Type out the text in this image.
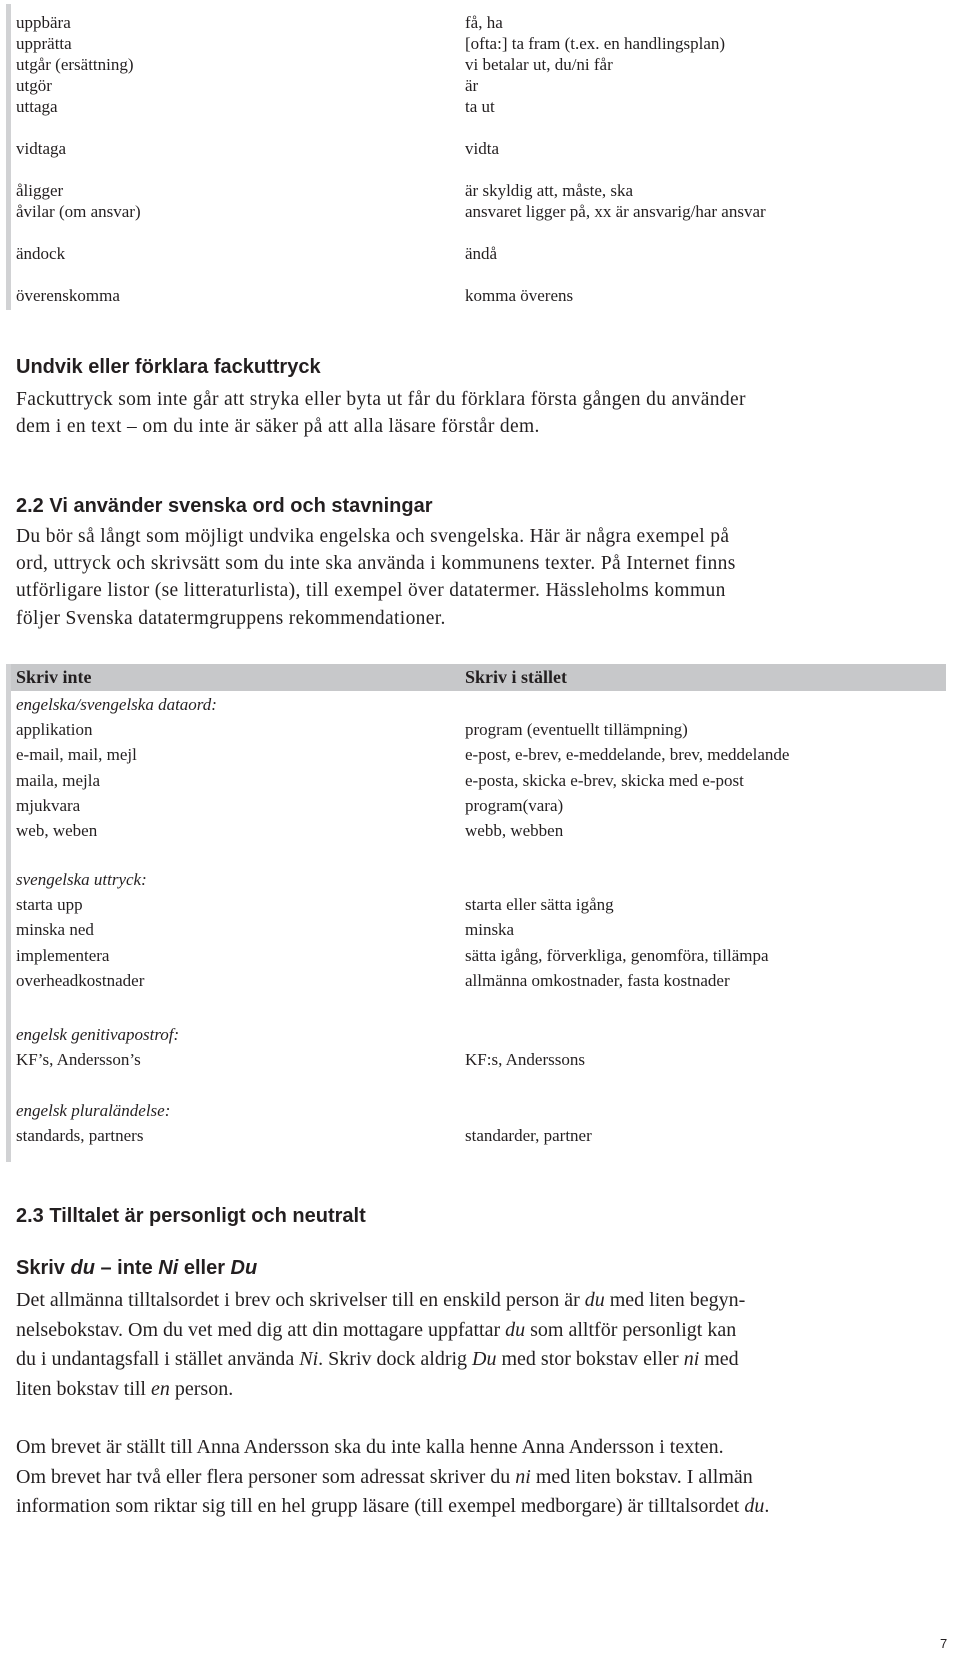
uppbära	få, ha
upprätta	[ofta:] ta fram (t.ex. en handlingsplan)
utgår (ersättning)	vi betalar ut, du/ni får
utgör	är
uttaga	ta ut
vidtaga	vidta
åligger	är skyldig att, måste, ska
åvilar (om ansvar)	ansvaret ligger på, xx är ansvarig/har ansvar
ändock	ändå
överenskomma	komma överens
Undvik eller förklara fackuttryck

Fackuttryck som inte går att stryka eller byta ut får du förklara första gången du använder

dem i en text – om du inte är säker på att alla läsare förstår dem.

2.2 Vi använder svenska ord och stavningar

Du bör så långt som möjligt undvika engelska och svengelska. Här är några exempel på

ord, uttryck och skrivsätt som du inte ska använda i kommunens texter. På Internet finns

utförligare listor (se litteraturlista), till exempel över datatermer. Hässleholms kommun

följer Svenska datatermgruppens rekommendationer.

Skriv inte	Skriv i stället
engelska/svengelska dataord:
applikation	program (eventuellt tillämpning)
e-mail, mail, mejl	e-post, e-brev, e-meddelande, brev, meddelande
maila, mejla	e-posta, skicka e-brev, skicka med e-post
mjukvara	program(vara)
web, weben	webb, webben
svengelska uttryck:
starta upp	starta eller sätta igång
minska ned	minska
implementera	sätta igång, förverkliga, genomföra, tillämpa
overheadkostnader	allmänna omkostnader, fasta kostnader
engelsk genitivapostrof:
KF’s, Andersson’s	KF:s, Anderssons
engelsk pluraländelse:
standards, partners	standarder, partner
2.3 Tilltalet är personligt och neutralt
Skriv du – inte Ni eller Du
Det allmänna tilltalsordet i brev och skrivelser till en enskild person är du med liten begyn-
nelsebokstav. Om du vet med dig att din mottagare uppfattar du som alltför personligt kan
du i undantagsfall i stället använda Ni. Skriv dock aldrig Du med stor bokstav eller ni med
liten bokstav till en person.
Om brevet är ställt till Anna Andersson ska du inte kalla henne Anna Andersson i texten.
Om brevet har två eller flera personer som adressat skriver du ni med liten bokstav. I allmän
information som riktar sig till en hel grupp läsare (till exempel medborgare) är tilltalsordet du.
7
